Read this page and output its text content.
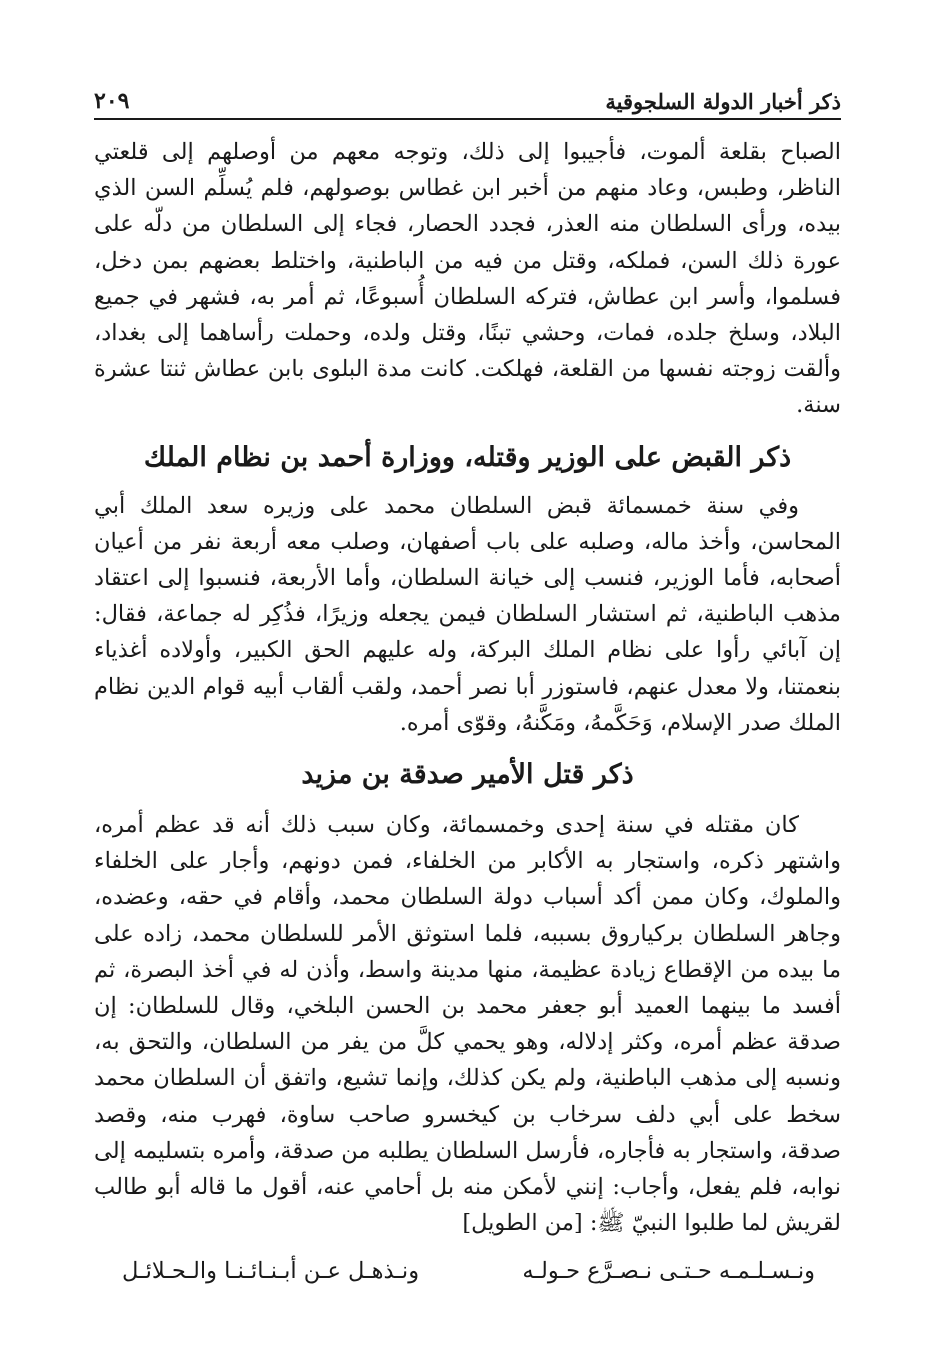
ذكر أخبار الدولة السلجوقية
٢٠٩

الصباح بقلعة ألموت، فأجيبوا إلى ذلك، وتوجه معهم من أوصلهم إلى قلعتي الناظر، وطبس، وعاد منهم من أخبر ابن غطاس بوصولهم، فلم يُسلِّم السن الذي بيده، ورأى السلطان منه العذر، فجدد الحصار، فجاء إلى السلطان من دلّه على عورة ذلك السن، فملكه، وقتل من فيه من الباطنية، واختلط بعضهم بمن دخل، فسلموا، وأسر ابن عطاش، فتركه السلطان أُسبوعًا، ثم أمر به، فشهر في جميع البلاد، وسلخ جلده، فمات، وحشي تبنًا، وقتل ولده، وحملت رأساهما إلى بغداد، وألقت زوجته نفسها من القلعة، فهلكت. كانت مدة البلوى بابن عطاش ثنتا عشرة سنة.

ذكر القبض على الوزير وقتله، ووزارة أحمد بن نظام الملك

وفي سنة خمسمائة قبض السلطان محمد على وزيره سعد الملك أبي المحاسن، وأخذ ماله، وصلبه على باب أصفهان، وصلب معه أربعة نفر من أعيان أصحابه، فأما الوزير، فنسب إلى خيانة السلطان، وأما الأربعة، فنسبوا إلى اعتقاد مذهب الباطنية، ثم استشار السلطان فيمن يجعله وزيرًا، فذُكِر له جماعة، فقال: إن آبائي رأوا على نظام الملك البركة، وله عليهم الحق الكبير، وأولاده أغذياء بنعمتنا، ولا معدل عنهم، فاستوزر أبا نصر أحمد، ولقب ألقاب أبيه قوام الدين نظام الملك صدر الإسلام، وَحَكَّمهُ، ومَكَّنهُ، وقوّى أمره.

ذكر قتل الأمير صدقة بن مزيد

كان مقتله في سنة إحدى وخمسمائة، وكان سبب ذلك أنه قد عظم أمره، واشتهر ذكره، واستجار به الأكابر من الخلفاء، فمن دونهم، وأجار على الخلفاء والملوك، وكان ممن أكد أسباب دولة السلطان محمد، وأقام في حقه، وعضده، وجاهر السلطان بركياروق بسببه، فلما استوثق الأمر للسلطان محمد، زاده على ما بيده من الإقطاع زيادة عظيمة، منها مدينة واسط، وأذن له في أخذ البصرة، ثم أفسد ما بينهما العميد أبو جعفر محمد بن الحسن البلخي، وقال للسلطان: إن صدقة عظم أمره، وكثر إدلاله، وهو يحمي كلَّ من يفر من السلطان، والتحق به، ونسبه إلى مذهب الباطنية، ولم يكن كذلك، وإنما تشيع، واتفق أن السلطان محمد سخط على أبي دلف سرخاب بن كيخسرو صاحب ساوة، فهرب منه، وقصد صدقة، واستجار به فأجاره، فأرسل السلطان يطلبه من صدقة، وأمره بتسليمه إلى نوابه، فلم يفعل، وأجاب: إنني لأمكن منه بل أحامي عنه، أقول ما قاله أبو طالب لقريش لما طلبوا النبيّ ﷺ: [من الطويل]

ونـسـلـمـه حـتـى نـصـرَّع حـولـه
ونـذهـل عـن أبـنـائـنـا والـحـلائـل
